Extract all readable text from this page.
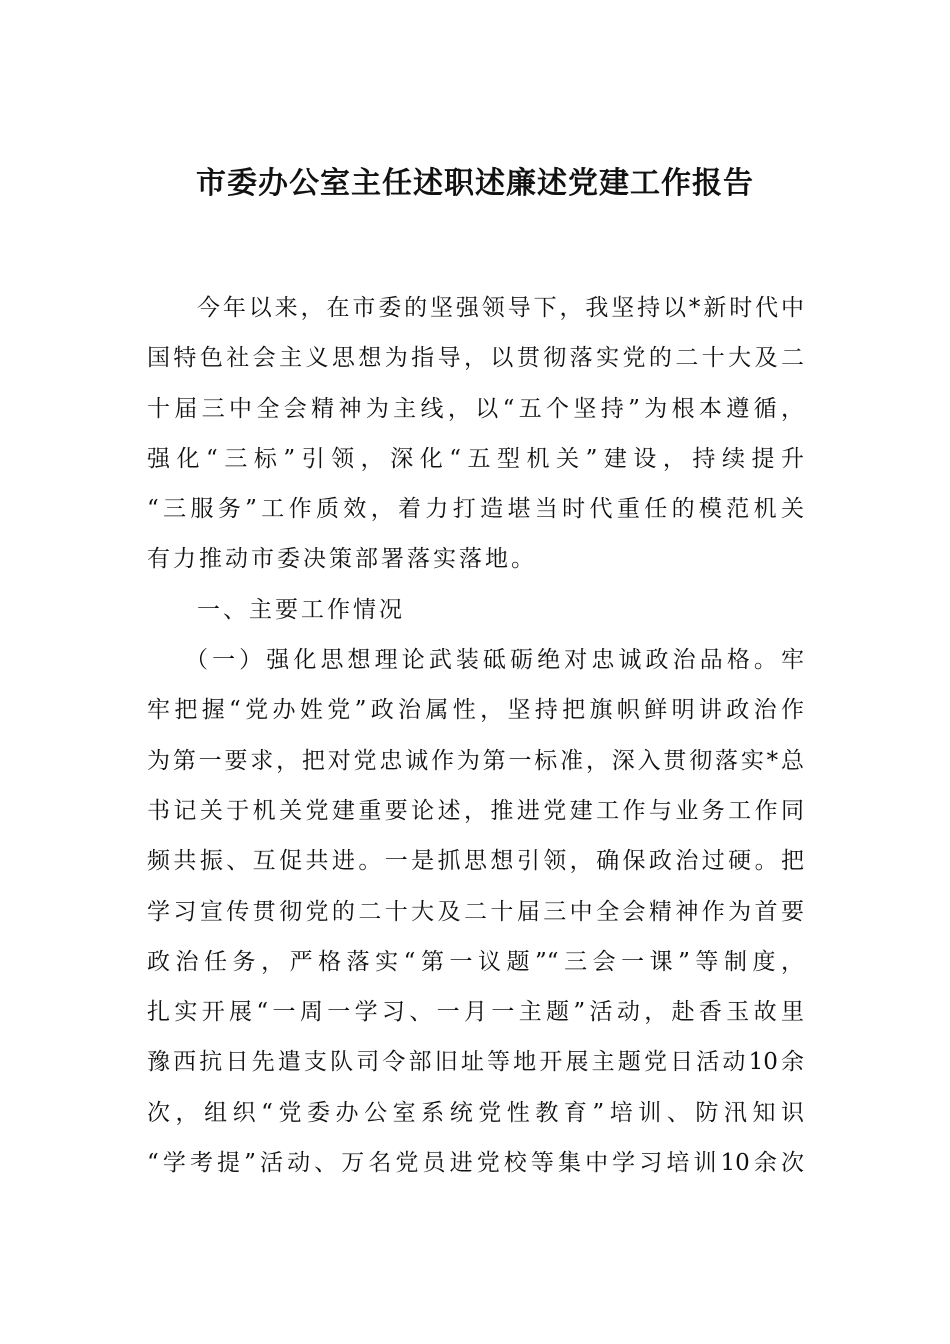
市委办公室主任述职述廉述党建工作报告
今年以来，在市委的坚强领导下，我坚持以*新时代中
国特色社会主义思想为指导，以贯彻落实党的二十大及二
十届三中全会精神为主线，以“五个坚持”为根本遵循，
强化“三标”引领，深化“五型机关”建设，持续提升
“三服务”工作质效，着力打造堪当时代重任的模范机关
有力推动市委决策部署落实落地。
一、主要工作情况
（一）强化思想理论武装砥砺绝对忠诚政治品格。牢
牢把握“党办姓党”政治属性，坚持把旗帜鲜明讲政治作
为第一要求，把对党忠诚作为第一标准，深入贯彻落实*总
书记关于机关党建重要论述，推进党建工作与业务工作同
频共振、互促共进。一是抓思想引领，确保政治过硬。把
学习宣传贯彻党的二十大及二十届三中全会精神作为首要
政治任务，严格落实“第一议题”“三会一课”等制度，
扎实开展“一周一学习、一月一主题”活动，赴香玉故里
豫西抗日先遣支队司令部旧址等地开展主题党日活动10余
次，组织“党委办公室系统党性教育”培训、防汛知识
“学考提”活动、万名党员进党校等集中学习培训10余次
